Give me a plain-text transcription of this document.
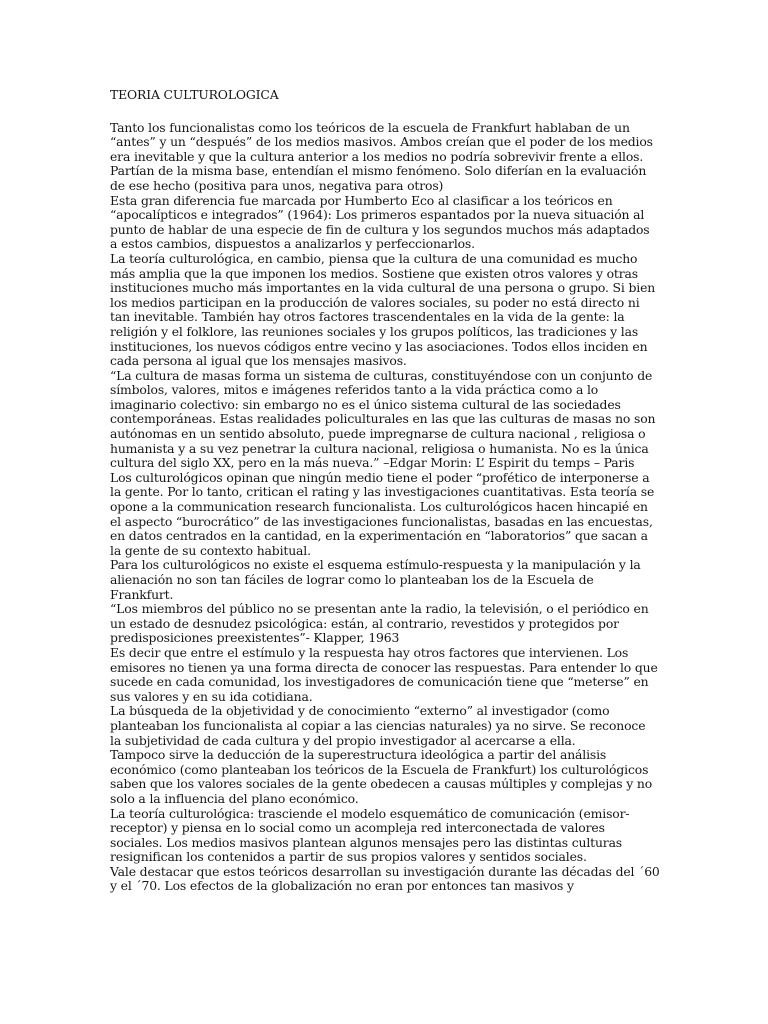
TEORIA CULTUROLOGICA

Tanto los funcionalistas como los teóricos de la escuela de Frankfurt hablaban de un “antes” y un “después” de los medios masivos. Ambos creían que el poder de los medios era inevitable y que la cultura anterior a los medios no podría sobrevivir frente a ellos. Partían de la misma base, entendían el mismo fenómeno. Solo diferían en la evaluación de ese hecho (positiva para unos, negativa para otros)

Esta gran diferencia fue marcada por Humberto Eco al clasificar a los teóricos en “apocalípticos e integrados” (1964): Los primeros espantados por la nueva situación al punto de hablar de una especie de fin de cultura y los segundos muchos más adaptados a estos cambios, dispuestos a analizarlos y perfeccionarlos.

La teoría culturológica, en cambio, piensa que la cultura de una comunidad es mucho más amplia que la que imponen los medios. Sostiene que existen otros valores y otras instituciones mucho más importantes en la vida cultural de una persona o grupo. Si bien los medios participan en la producción de valores sociales, su poder no está directo ni tan inevitable. También hay otros factores trascendentales en la vida de la gente: la religión y el folklore, las reuniones sociales y los grupos políticos, las tradiciones y las instituciones, los nuevos códigos entre vecino y las asociaciones. Todos ellos inciden en cada persona al igual que los mensajes masivos.

“La cultura de masas forma un sistema de culturas, constituyéndose con un conjunto de símbolos, valores, mitos e imágenes referidos tanto a la vida práctica como a lo imaginario colectivo: sin embargo no es el único sistema cultural de las sociedades contemporáneas. Estas realidades policulturales en las que las culturas de masas no son autónomas en un sentido absoluto, puede impregnarse de cultura nacional , religiosa o humanista y a su vez penetrar la cultura nacional, religiosa o humanista. No es la única cultura del siglo XX, pero en la más nueva.” –Edgar Morin: L’ Espirit du temps – Paris

Los culturológicos opinan que ningún medio tiene el poder “profético de interponerse a la gente. Por lo tanto, critican el rating y las investigaciones cuantitativas. Esta teoría se opone a la communication research funcionalista. Los culturológicos hacen hincapié en el aspecto “burocrático” de las investigaciones funcionalistas, basadas en las encuestas, en datos centrados en la cantidad, en la experimentación en “laboratorios” que sacan a la gente de su contexto habitual.

Para los culturológicos no existe el esquema estímulo-respuesta y la manipulación y la alienación no son tan fáciles de lograr como lo planteaban los de la Escuela de Frankfurt.

“Los miembros del público no se presentan ante la radio, la televisión, o el periódico en un estado de desnudez psicológica: están, al contrario, revestidos y protegidos por predisposiciones preexistentes”- Klapper, 1963

Es decir que entre el estímulo y la respuesta hay otros factores que intervienen. Los emisores no tienen ya una forma directa de conocer las respuestas. Para entender lo que sucede en cada comunidad, los investigadores de comunicación tiene que “meterse” en sus valores y en su ida cotidiana.

La búsqueda de la objetividad y de conocimiento “externo” al investigador (como planteaban los funcionalista al copiar a las ciencias naturales) ya no sirve. Se reconoce la subjetividad de cada cultura y del propio investigador al acercarse a ella.

Tampoco sirve la deducción de la superestructura ideológica a partir del análisis económico (como planteaban los teóricos de la Escuela de Frankfurt) los culturológicos saben que los valores sociales de la gente obedecen a causas múltiples y complejas y no solo a la influencia del plano económico.

La teoría culturológica: trasciende el modelo esquemático de comunicación (emisor-receptor) y piensa en lo social como un acompleja red interconectada de valores sociales. Los medios masivos plantean algunos mensajes pero las distintas culturas resignifican los contenidos a partir de sus propios valores y sentidos sociales.

Vale destacar que estos teóricos desarrollan su investigación durante las décadas del ´60 y el ´70. Los efectos de la globalización no eran por entonces tan masivos y
